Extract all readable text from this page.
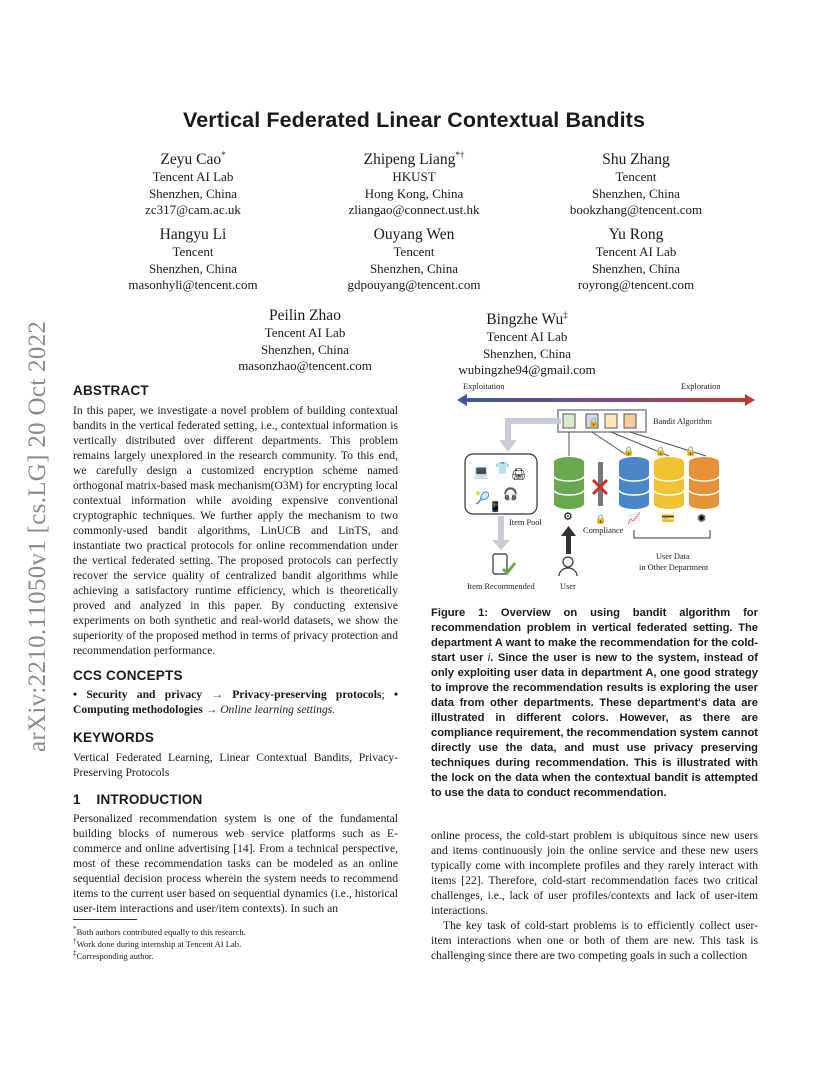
arXiv:2210.11050v1 [cs.LG] 20 Oct 2022
Vertical Federated Linear Contextual Bandits
Zeyu Cao*
Tencent AI Lab
Shenzhen, China
zc317@cam.ac.uk
Zhipeng Liang*†
HKUST
Hong Kong, China
zliangao@connect.ust.hk
Shu Zhang
Tencent
Shenzhen, China
bookzhang@tencent.com
Hangyu Li
Tencent
Shenzhen, China
masonhyli@tencent.com
Ouyang Wen
Tencent
Shenzhen, China
gdpouyang@tencent.com
Yu Rong
Tencent AI Lab
Shenzhen, China
royrong@tencent.com
Peilin Zhao
Tencent AI Lab
Shenzhen, China
masonzhao@tencent.com
Bingzhe Wu‡
Tencent AI Lab
Shenzhen, China
wubingzhe94@gmail.com
ABSTRACT

In this paper, we investigate a novel problem of building contextual bandits in the vertical federated setting, i.e., contextual information is vertically distributed over different departments. This problem remains largely unexplored in the research community. To this end, we carefully design a customized encryption scheme named orthogonal matrix-based mask mechanism(O3M) for encrypting local contextual information while avoiding expensive conventional cryptographic techniques. We further apply the mechanism to two commonly-used bandit algorithms, LinUCB and LinTS, and instantiate two practical protocols for online recommendation under the vertical federated setting. The proposed protocols can perfectly recover the service quality of centralized bandit algorithms while achieving a satisfactory runtime efficiency, which is theoretically proved and analyzed in this paper. By conducting extensive experiments on both synthetic and real-world datasets, we show the superiority of the proposed method in terms of privacy protection and recommendation performance.

CCS CONCEPTS

• Security and privacy → Privacy-preserving protocols; • Computing methodologies → Online learning settings.

KEYWORDS

Vertical Federated Learning, Linear Contextual Bandits, Privacy-Preserving Protocols

1 INTRODUCTION

Personalized recommendation system is one of the fundamental building blocks of numerous web service platforms such as E-commerce and online advertising [14]. From a technical perspective, most of these recommendation tasks can be modeled as an online sequential decision process wherein the system needs to recommend items to the current user based on sequential dynamics (i.e., historical user-item interactions and user/item contexts). In such an

*Both authors contributed equally to this research.
†Work done during internship at Tencent AI Lab.
‡Corresponding author.
Exploitation	Exploration
🔒	Bandit Algorithm
🔒 🔒 🔒
💻 👕 🖨
🎾 🎧
📱
Item Pool
Item Recommended
⚙ 🔒
Compliance
📈 💳 ✺
User Data
in Other Department
User
Figure 1: Overview on using bandit algorithm for recommendation problem in vertical federated setting. The department A want to make the recommendation for the cold-start user i. Since the user is new to the system, instead of only exploiting user data in department A, one good strategy to improve the recommendation results is exploring the user data from other departments. These department's data are illustrated in different colors. However, as there are compliance requirement, the recommendation system cannot directly use the data, and must use privacy preserving techniques during recommendation. This is illustrated with the lock on the data when the contextual bandit is attempted to use the data to conduct recommendation.

online process, the cold-start problem is ubiquitous since new users and items continuously join the online service and these new users typically come with incomplete profiles and they rarely interact with items [22]. Therefore, cold-start recommendation faces two critical challenges, i.e., lack of user profiles/contexts and lack of user-item interactions.

The key task of cold-start problems is to efficiently collect user-item interactions when one or both of them are new. This task is challenging since there are two competing goals in such a collection
